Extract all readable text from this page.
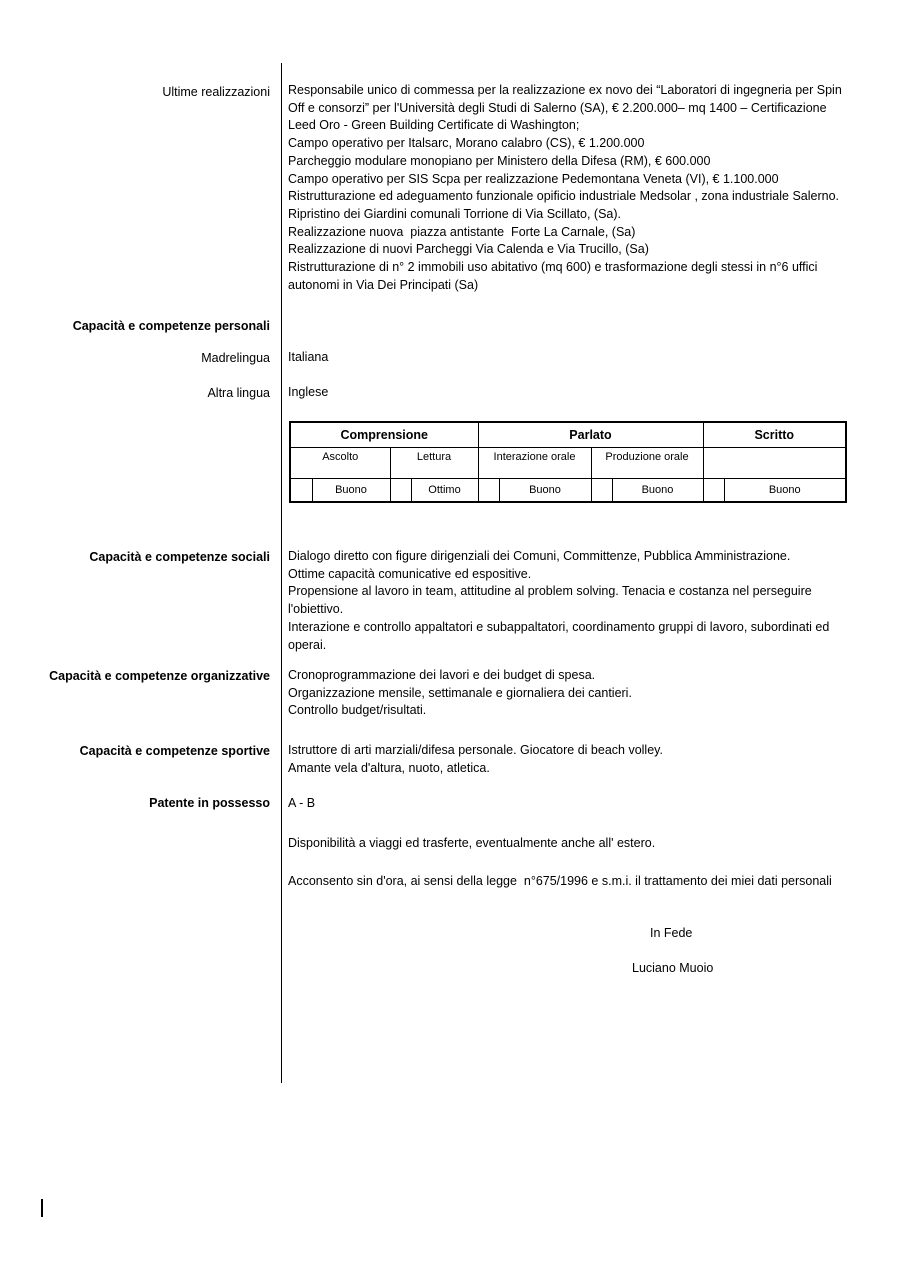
Ultime realizzazioni Responsabile unico di commessa per la realizzazione ex novo dei “Laboratori di ingegneria per Spin
Off e consorzi” per l'Università degli Studi di Salerno (SA), € 2.200.000– mq 1400 – Certificazione
Leed Oro - Green Building Certificate di Washington;
Campo operativo per Italsarc, Morano calabro (CS), € 1.200.000
Parcheggio modulare monopiano per Ministero della Difesa (RM), € 600.000
Campo operativo per SIS Scpa per realizzazione Pedemontana Veneta (VI), € 1.100.000
Ristrutturazione ed adeguamento funzionale opificio industriale Medsolar , zona industriale Salerno.
Ripristino dei Giardini comunali Torrione di Via Scillato, (Sa).
Realizzazione nuova  piazza antistante  Forte La Carnale, (Sa)
Realizzazione di nuovi Parcheggi Via Calenda e Via Trucillo, (Sa)
Ristrutturazione di n° 2 immobili uso abitativo (mq 600) e trasformazione degli stessi in n°6 uffici
autonomi in Via Dei Principati (Sa)
Capacità e competenze personali
Madrelingua Italiana
Altra lingua Inglese
Comprensione				Parlato				Scritto	
Ascolto		Lettura		Interazione orale		Produzione orale			
	Buono		Ottimo		Buono		Buono		Buono
Capacità e competenze sociali Dialogo diretto con figure dirigenziali dei Comuni, Committenze, Pubblica Amministrazione.
Ottime capacità comunicative ed espositive.
Propensione al lavoro in team, attitudine al problem solving. Tenacia e costanza nel perseguire
l'obiettivo.
Interazione e controllo appaltatori e subappaltatori, coordinamento gruppi di lavoro, subordinati ed
operai.
Capacità e competenze organizzative Cronoprogrammazione dei lavori e dei budget di spesa.
Organizzazione mensile, settimanale e giornaliera dei cantieri.
Controllo budget/risultati.
Capacità e competenze sportive Istruttore di arti marziali/difesa personale. Giocatore di beach volley.
Amante vela d'altura, nuoto, atletica.
Patente in possesso A - B
Disponibilità a viaggi ed trasferte, eventualmente anche all' estero.
Acconsento sin d'ora, ai sensi della legge  n°675/1996 e s.m.i. il trattamento dei miei dati personali
In Fede
Luciano Muoio
